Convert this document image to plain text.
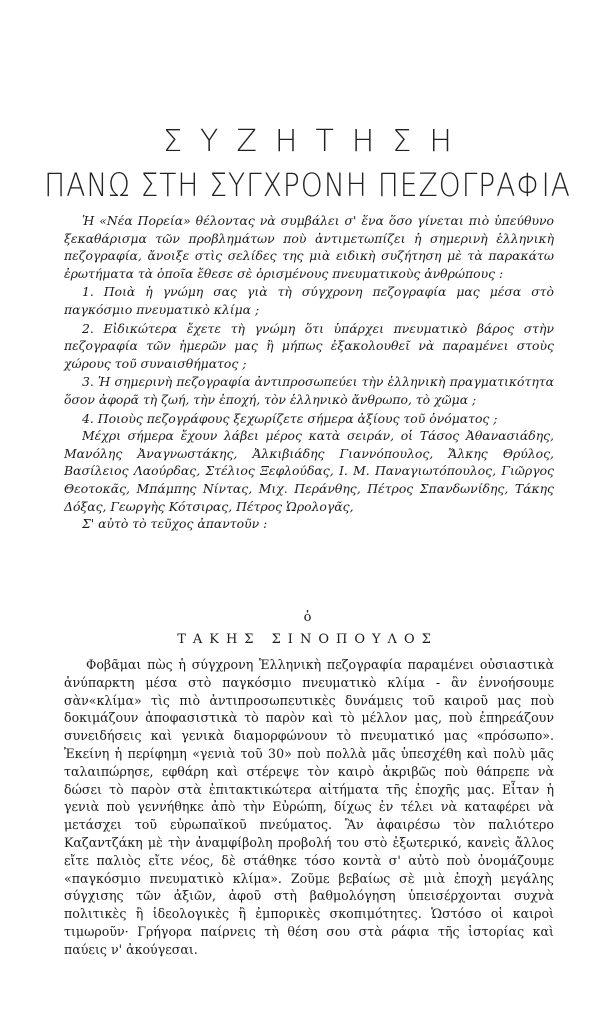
ΣΥΖΗΤΗΣΗ
ΠΑΝΩ ΣΤΗ ΣΥΓΧΡΟΝΗ ΠΕΖΟΓΡΑΦΙΑ

Ἡ «Νέα Πορεία» θέλοντας νὰ συμβάλει σ' ἕνα ὅσο γίνεται πιὸ ὑπεύθυνο ξεκαθάρισμα τῶν προβλημάτων ποὺ ἀντιμετωπίζει ἡ σημερινὴ ἑλληνικὴ πεζογραφία, ἄνοιξε στὶς σελίδες της μιὰ ειδικὴ συζήτηση μὲ τὰ παρακάτω ἐρωτήματα τὰ ὁποῖα ἔθεσε σὲ ὁρισμένους πνευματικοὺς ἀνθρώπους :

1. Ποιὰ ἡ γνώμη σας γιὰ τὴ σύγχρονη πεζογραφία μας μέσα στὸ παγκόσμιο πνευματικὸ κλίμα ;

2. Εἰδικώτερα ἔχετε τὴ γνώμη ὅτι ὑπάρχει πνευματικὸ βάρος στὴν πεζογραφία τῶν ἡμερῶν μας ἢ μήπως ἐξακολουθεῖ νὰ παραμένει στοὺς χώρους τοῦ συναισθήματος ;

3. Ἡ σημερινὴ πεζογραφία ἀντιπροσωπεύει τὴν ἑλληνικὴ πραγματικότητα ὅσον ἀφορᾶ τὴ ζωή, τὴν ἐποχή, τὸν ἑλληνικὸ ἄνθρωπο, τὸ χῶμα ;

4. Ποιοὺς πεζογράφους ξεχωρίζετε σήμερα ἀξίους τοῦ ὀνόματος ;

Μέχρι σήμερα ἔχουν λάβει μέρος κατὰ σειράν, οἱ Τάσος Ἀθανασιάδης, Μανόλης Ἀναγνωστάκης, Ἀλκιβιάδης Γιαννόπουλος, Ἄλκης Θρύλος, Βασίλειος Λαούρδας, Στέλιος Ξεφλούδας, Ι. Μ. Παναγιωτόπουλος, Γιῶργος Θεοτοκᾶς, Μπάμπης Νίντας, Μιχ. Περάνθης, Πέτρος Σπανδωνίδης, Τάκης Δόξας, Γεωργὴς Κότσιρας, Πέτρος Ὡρολογᾶς,

Σ' αὐτὸ τὸ τεῦχος ἀπαντοῦν :

ὁ
ΤΑΚΗΣ ΣΙΝΟΠΟΥΛΟΣ

Φοβᾶμαι πὼς ἡ σύγχρονη Ἑλληνικὴ πεζογραφία παραμένει οὐσιαστικὰ ἀνύπαρκτη μέσα στὸ παγκόσμιο πνευματικὸ κλίμα - ἂν ἐννοήσουμε σὰν«κλίμα» τὶς πιὸ ἀντιπροσωπευτικὲς δυνάμεις τοῦ καιροῦ μας ποὺ δοκιμάζουν ἀποφασιστικὰ τὸ παρὸν καὶ τὸ μέλλον μας, ποὺ ἐπηρεάζουν συνειδήσεις καὶ γενικὰ διαμορφώνουν τὸ πνευματικό μας «πρόσωπο». Ἐκείνη ἡ περίφημη «γενιὰ τοῦ 30» ποὺ πολλὰ μᾶς ὑπεσχέθη καὶ πολὺ μᾶς ταλαιπώρησε, εφθάρη καὶ στέρεψε τὸν καιρὸ ἀκριβῶς ποὺ θάπρεπε νὰ δώσει τὸ παρὸν στὰ ἐπιτακτικώτερα αἰτήματα τῆς ἐποχῆς μας. Εἶταν ἡ γενιὰ ποὺ γεννήθηκε ἀπὸ τὴν Εὐρώπη, δίχως ἐν τέλει νὰ καταφέρει νὰ μετάσχει τοῦ εὐρωπαϊκοῦ πνεύματος. Ἂν ἀφαιρέσω τὸν παλιότερο Καζαντζάκη μὲ τὴν ἀναμφίβολη προβολή του στὸ ἐξωτερικό, κανεὶς ἄλλος εἴτε παλιὸς εἴτε νέος, δὲ στάθηκε τόσο κοντὰ σ' αὐτὸ ποὺ ὀνομάζουμε «παγκόσμιο πνευματικὸ κλίμα». Ζοῦμε βεβαίως σὲ μιὰ ἐποχὴ μεγάλης σύγχισης τῶν ἀξιῶν, ἀφοῦ στὴ βαθμολόγηση ὑπεισέρχονται συχνὰ πολιτικὲς ἢ ἰδεολογικὲς ἢ ἐμπορικὲς σκοπιμότητες. Ὡστόσο οἱ καιροὶ τιμωροῦν· Γρήγορα παίρνεις τὴ θέση σου στὰ ράφια τῆς ἱστορίας καὶ παύεις ν' ἀκούγεσαι.
